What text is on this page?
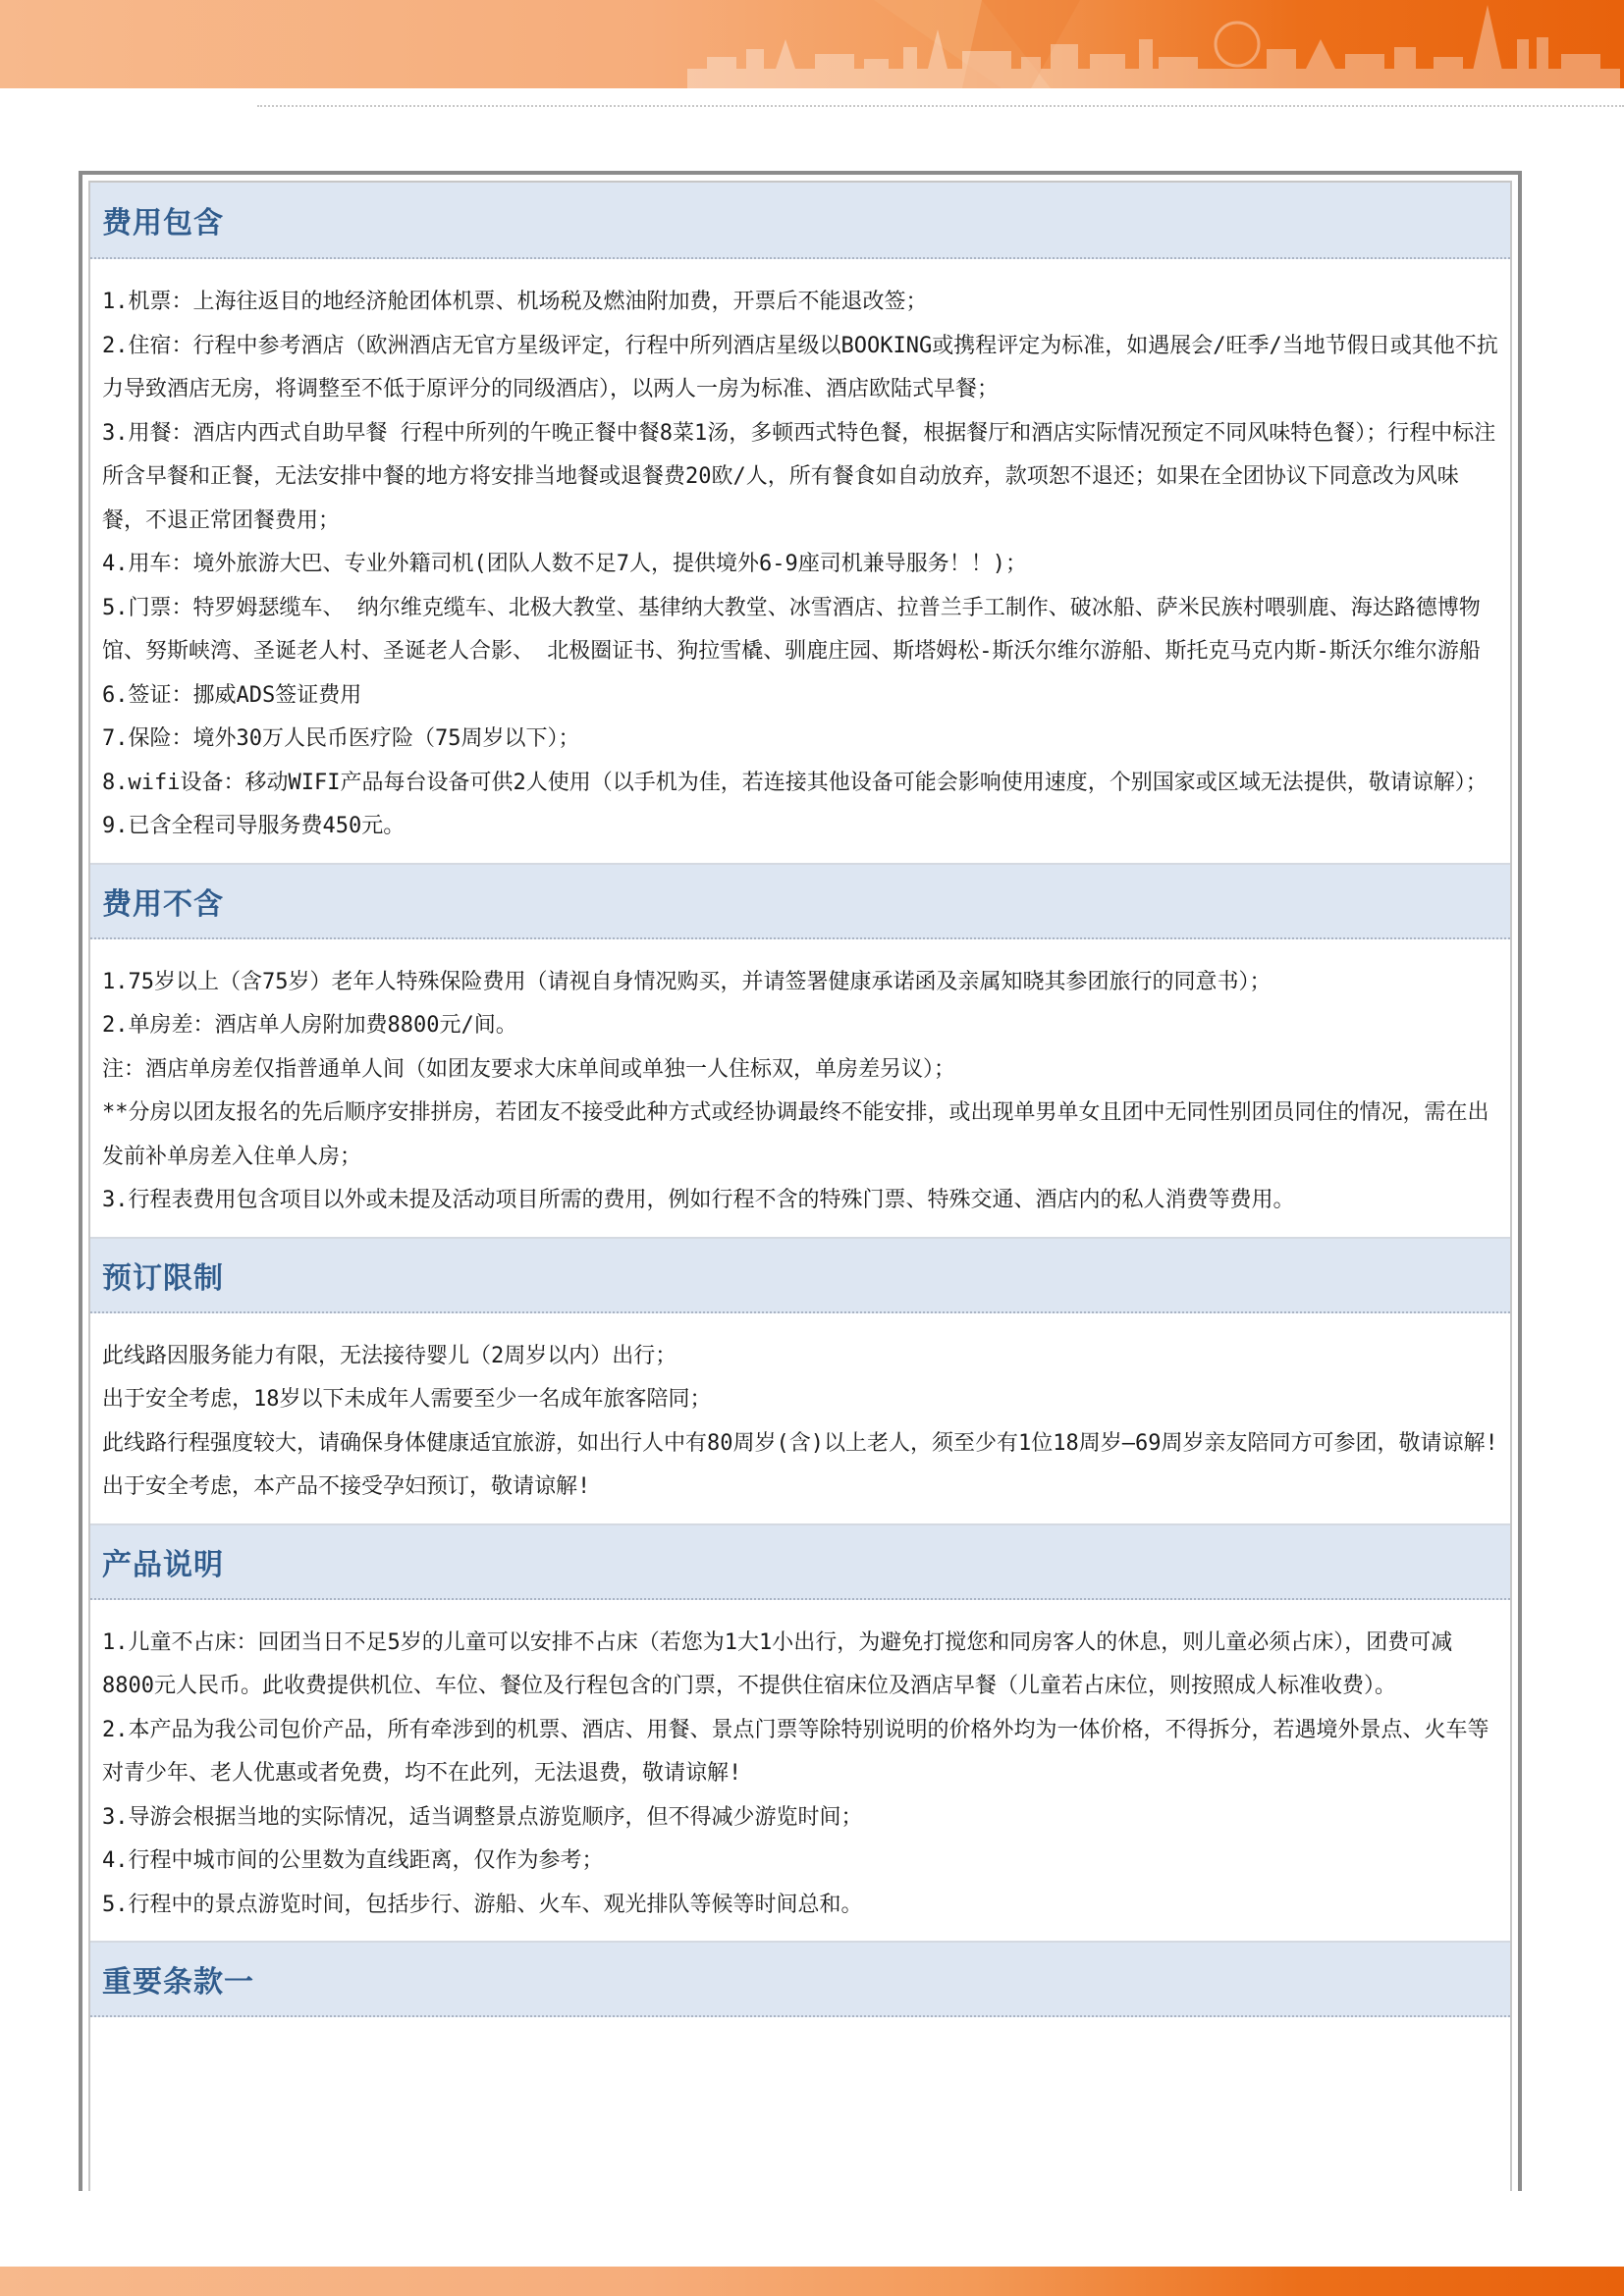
费用包含

1.机票：上海往返目的地经济舱团体机票、机场税及燃油附加费，开票后不能退改签；

2.住宿：行程中参考酒店（欧洲酒店无官方星级评定，行程中所列酒店星级以BOOKING或携程评定为标准，如遇展会/旺季/当地节假日或其他不抗力导致酒店无房，将调整至不低于原评分的同级酒店），以两人一房为标准、酒店欧陆式早餐；

3.用餐：酒店内西式自助早餐 行程中所列的午晚正餐中餐8菜1汤，多顿西式特色餐，根据餐厅和酒店实际情况预定不同风味特色餐）；行程中标注所含早餐和正餐，无法安排中餐的地方将安排当地餐或退餐费20欧/人，所有餐食如自动放弃，款项恕不退还；如果在全团协议下同意改为风味餐，不退正常团餐费用；

4.用车：境外旅游大巴、专业外籍司机(团队人数不足7人，提供境外6-9座司机兼导服务！！)；

5.门票：特罗姆瑟缆车、 纳尔维克缆车、北极大教堂、基律纳大教堂、冰雪酒店、拉普兰手工制作、破冰船、萨米民族村喂驯鹿、海达路德博物馆、努斯峡湾、圣诞老人村、圣诞老人合影、 北极圈证书、狗拉雪橇、驯鹿庄园、斯塔姆松-斯沃尔维尔游船、斯托克马克内斯-斯沃尔维尔游船

6.签证：挪威ADS签证费用

7.保险：境外30万人民币医疗险（75周岁以下）；

8.wifi设备：移动WIFI产品每台设备可供2人使用（以手机为佳，若连接其他设备可能会影响使用速度，个别国家或区域无法提供，敬请谅解）；

9.已含全程司导服务费450元。

费用不含

1.75岁以上（含75岁）老年人特殊保险费用（请视自身情况购买，并请签署健康承诺函及亲属知晓其参团旅行的同意书）；

2.单房差：酒店单人房附加费8800元/间。

注：酒店单房差仅指普通单人间（如团友要求大床单间或单独一人住标双，单房差另议）；

**分房以团友报名的先后顺序安排拼房，若团友不接受此种方式或经协调最终不能安排，或出现单男单女且团中无同性别团员同住的情况，需在出发前补单房差入住单人房；

3.行程表费用包含项目以外或未提及活动项目所需的费用，例如行程不含的特殊门票、特殊交通、酒店内的私人消费等费用。

预订限制

此线路因服务能力有限，无法接待婴儿（2周岁以内）出行；

出于安全考虑，18岁以下未成年人需要至少一名成年旅客陪同；

此线路行程强度较大，请确保身体健康适宜旅游，如出行人中有80周岁(含)以上老人，须至少有1位18周岁—69周岁亲友陪同方可参团，敬请谅解!

出于安全考虑，本产品不接受孕妇预订，敬请谅解!

产品说明

1.儿童不占床：回团当日不足5岁的儿童可以安排不占床（若您为1大1小出行，为避免打搅您和同房客人的休息，则儿童必须占床），团费可减8800元人民币。此收费提供机位、车位、餐位及行程包含的门票，不提供住宿床位及酒店早餐（儿童若占床位，则按照成人标准收费）。

2.本产品为我公司包价产品，所有牵涉到的机票、酒店、用餐、景点门票等除特别说明的价格外均为一体价格，不得拆分，若遇境外景点、火车等对青少年、老人优惠或者免费，均不在此列，无法退费，敬请谅解!

3.导游会根据当地的实际情况，适当调整景点游览顺序，但不得减少游览时间；

4.行程中城市间的公里数为直线距离，仅作为参考；

5.行程中的景点游览时间，包括步行、游船、火车、观光排队等候等时间总和。

重要条款一
